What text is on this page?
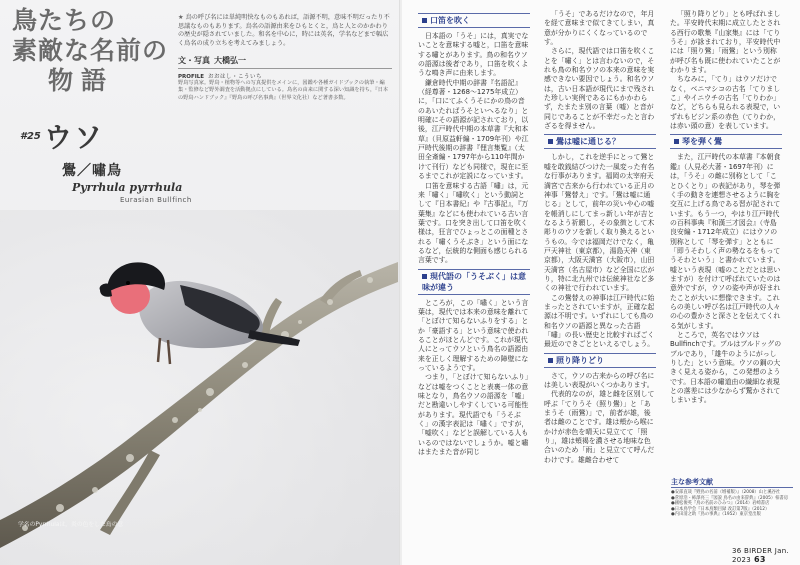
鳥たちの
素敵な名前の
物語
★ 鳥の呼び名には単純明快なものもあれば，語源不明，意味不明だったり不思議なものもあります。鳥名の語源由来をひもとくと，鳥と人とのかかわりの歴史が隠されていました。和名を中心に，時には英名，学名などまで幅広く鳥名の成り立ちを考えてみましょう。
文・写真 大橋弘一
PROFILE おおはし・こういち
野鳥写真家。野鳥・植物等への写真提供をメインに，図鑑や各種ガイドブックの執筆・編集・監修など野外調査を活動拠点にしている。鳥名の由来に関する深い知識を持ち，『日本の野鳥ハンドブック』『野鳥の呼び名事典』（世界文化社）など著書多数。
#25 ウソ
鷽／嘯鳥
Pyrrhula pyrrhula
Eurasian Bullfinch
学名のPyrrhulaは，炎の色をした鳥の意
口笛を吹く

日本語の「うそ」には，真実でないことを意味する嘘と，口笛を意味する嘯とがあります。鳥の和名ウソの語源は後者であり，口笛を吹くような鳴き声に由来します。

鎌倉時代中期の辞書『名語記』（経尊著・1268〜1275年成立）に，「口にてふくうそにかの鳥の音のあいたればうそといへるなり」と明確にその語源が記されており，以後，江戸時代中期の本草書『大和本草』（貝原益軒編・1709年刊）や江戸時代後期の辞書『俚言集覧』（太田全斎編・1797年から110年間かけて刊行）なども同様で，現在に至るまでこれが定説になっています。

口笛を意味する古語「嘯」は，元来「嘯く」「嘯吹く」という動詞として『日本書紀』や『古事記』，『万葉集』などにも使われている古い言葉です。口を突き出して口笛を吹く様は，狂言でひょっとこの面種とされる「嘯くうそぶき」という面になるなど，伝統的な側面も感じられる言葉です。

現代語の「うそぶく」は意味が違う

ところが，この「嘯く」という言葉は，現代では本来の意味を離れて「とぼけて知らないふりをする」とか「豪語する」という意味で使われることがほとんどです。これが現代人にとってウソという鳥名の語源由来を正しく理解するための障壁になっているようです。

つまり，「とぼけて知らないふり」などは嘘をつくことと表裏一体の意味となり，鳥名ウソの語源を「嘘」だと勘違いしやすくしている可能性があります。現代語でも「うそぶく」の漢字表記は「嘯く」ですが，「嘘吹く」などと誤解している人もいるのではないでしょうか。嘘と嘯はまたまた音が同じ

「うそ」であるだけなので，年月を経て意味まで似てきてしまい，真意が分かりにくくなっているのです。

さらに，現代語では口笛を吹くことを「嘯く」とは言わないので，それも鳥の和名ウソの本来の意味を実感できない要因でしょう。和名ウソは，古い日本語が現代にまで残された珍しい実例であるにもかかわらず，たまたま別の言葉（嘘）と音が同じであることが不幸だったと言わざるを得ません。

鷽は嘘に通じる？

しかし，これを逆手にとって鷽と嘘を敢銭結びつけた一風変った有名な行事があります。福岡の太宰府天満宮で古来から行われている正月の神事「鷽替え」です。「鷽は嘘に通じる」として，前年の災いや心の嘘を帳消しにしてまっ新しい年が吉となるよう祈願し，その象徴として木彫りのウソを新しく取り換えるというもの。今では福岡だけでなく，亀戸天神社（東京都），湯島天神（東京都），大阪天満宮（大阪市），山田天満宮（名古屋市）など全国に広がり，特に北九州では伝統神社など多くの神社で行われています。

この鷽替えの神事は江戸時代に始まったとされていますが，正確な起源は不明です。いずれにしても鳥の和名ウソの語源と異なった古語「嘯」の長い歴史と比較すればごく最近のできごとといえるでしょう。

照り降りどり

さて，ウソの古来からの呼び名には美しい表現がいくつかあります。

代表的なのが，雄と雌を区別して呼ぶ「てりうそ（照り鷽）」と「あまうそ（雨鷽）」で，前者が雄，後者は雌のことです。雄は頬から喉にかけが赤色を晴天に見立てて「照り」，雄は頬褐を濃させる地味な色合いのため「雨」と見立てて呼んだわけです。雄雌合わせて

「照り降りどり」とも呼ばれました。平安時代末期に成立したとされる西行の歌集『山家集』には「てりうそ」が詠まれており，平安時代中には「照り鷽」「雨鷽」という別称が呼び名も既に使われていたことがわかります。

ちなみに，「てり」はウソだけでなく，ベニマシコの古名「てりましこ」やイニウチの古名「てりわか」など，どちらも見られる表現で，いずれもビジン系の赤色（てりわか，は赤い頭の意）を表しています。

琴を弾く鷽

また，江戸時代の本草書『本朝食鑑』（人見必大著・1697年刊）には，「うそ」の雌に別称として「ことひくとり」の表記があり，琴を弾く手の動きを連想させるように胸を交互に上げる鳥である習が記されています。もう一つ，やはり江戸時代の百科事典『和漢三才図会』（寺島良安編・1712年成立）にはウソの別称として「琴を弾す」とともに「即うそわしく声の勢なるをもってうそわという」と書かれています。嘘という表現（嘘のことだとは思いますが）を付けて呼ばれていたのは意外ですが，ウソの姿や声が好まれたことが大いに想像できます。これらの美しい呼び名は江戸時代の人々の心の豊かさと深さとを伝えてくれる気がします。

ところで，英名ではウソはBullfinchです。ブルはブルドッグのブルであり，「雄牛のようにがっしりした」という意味。ウソの鋼の大きく見える姿から，この発想のようです。日本語の嘯道由の繊細な表現との落差には少なからず驚かされてしまいます。

主な参考文献
●安部直哉『野鳥の名前（増補版）』（2008）山と溪谷社
●菅原浩・柿澤亮三『図説 鳥名の由来辞典』（2005）柏書房
●國松俊英『鳥の名前のひみつ』（2014）岩崎書店
●日本鳥学会『日本鳥類目録 改訂第7版』（2012）
●内田清之助『鳥の事典』（1952）東京堂出版
36 BIRDER Jan. 2023 63
